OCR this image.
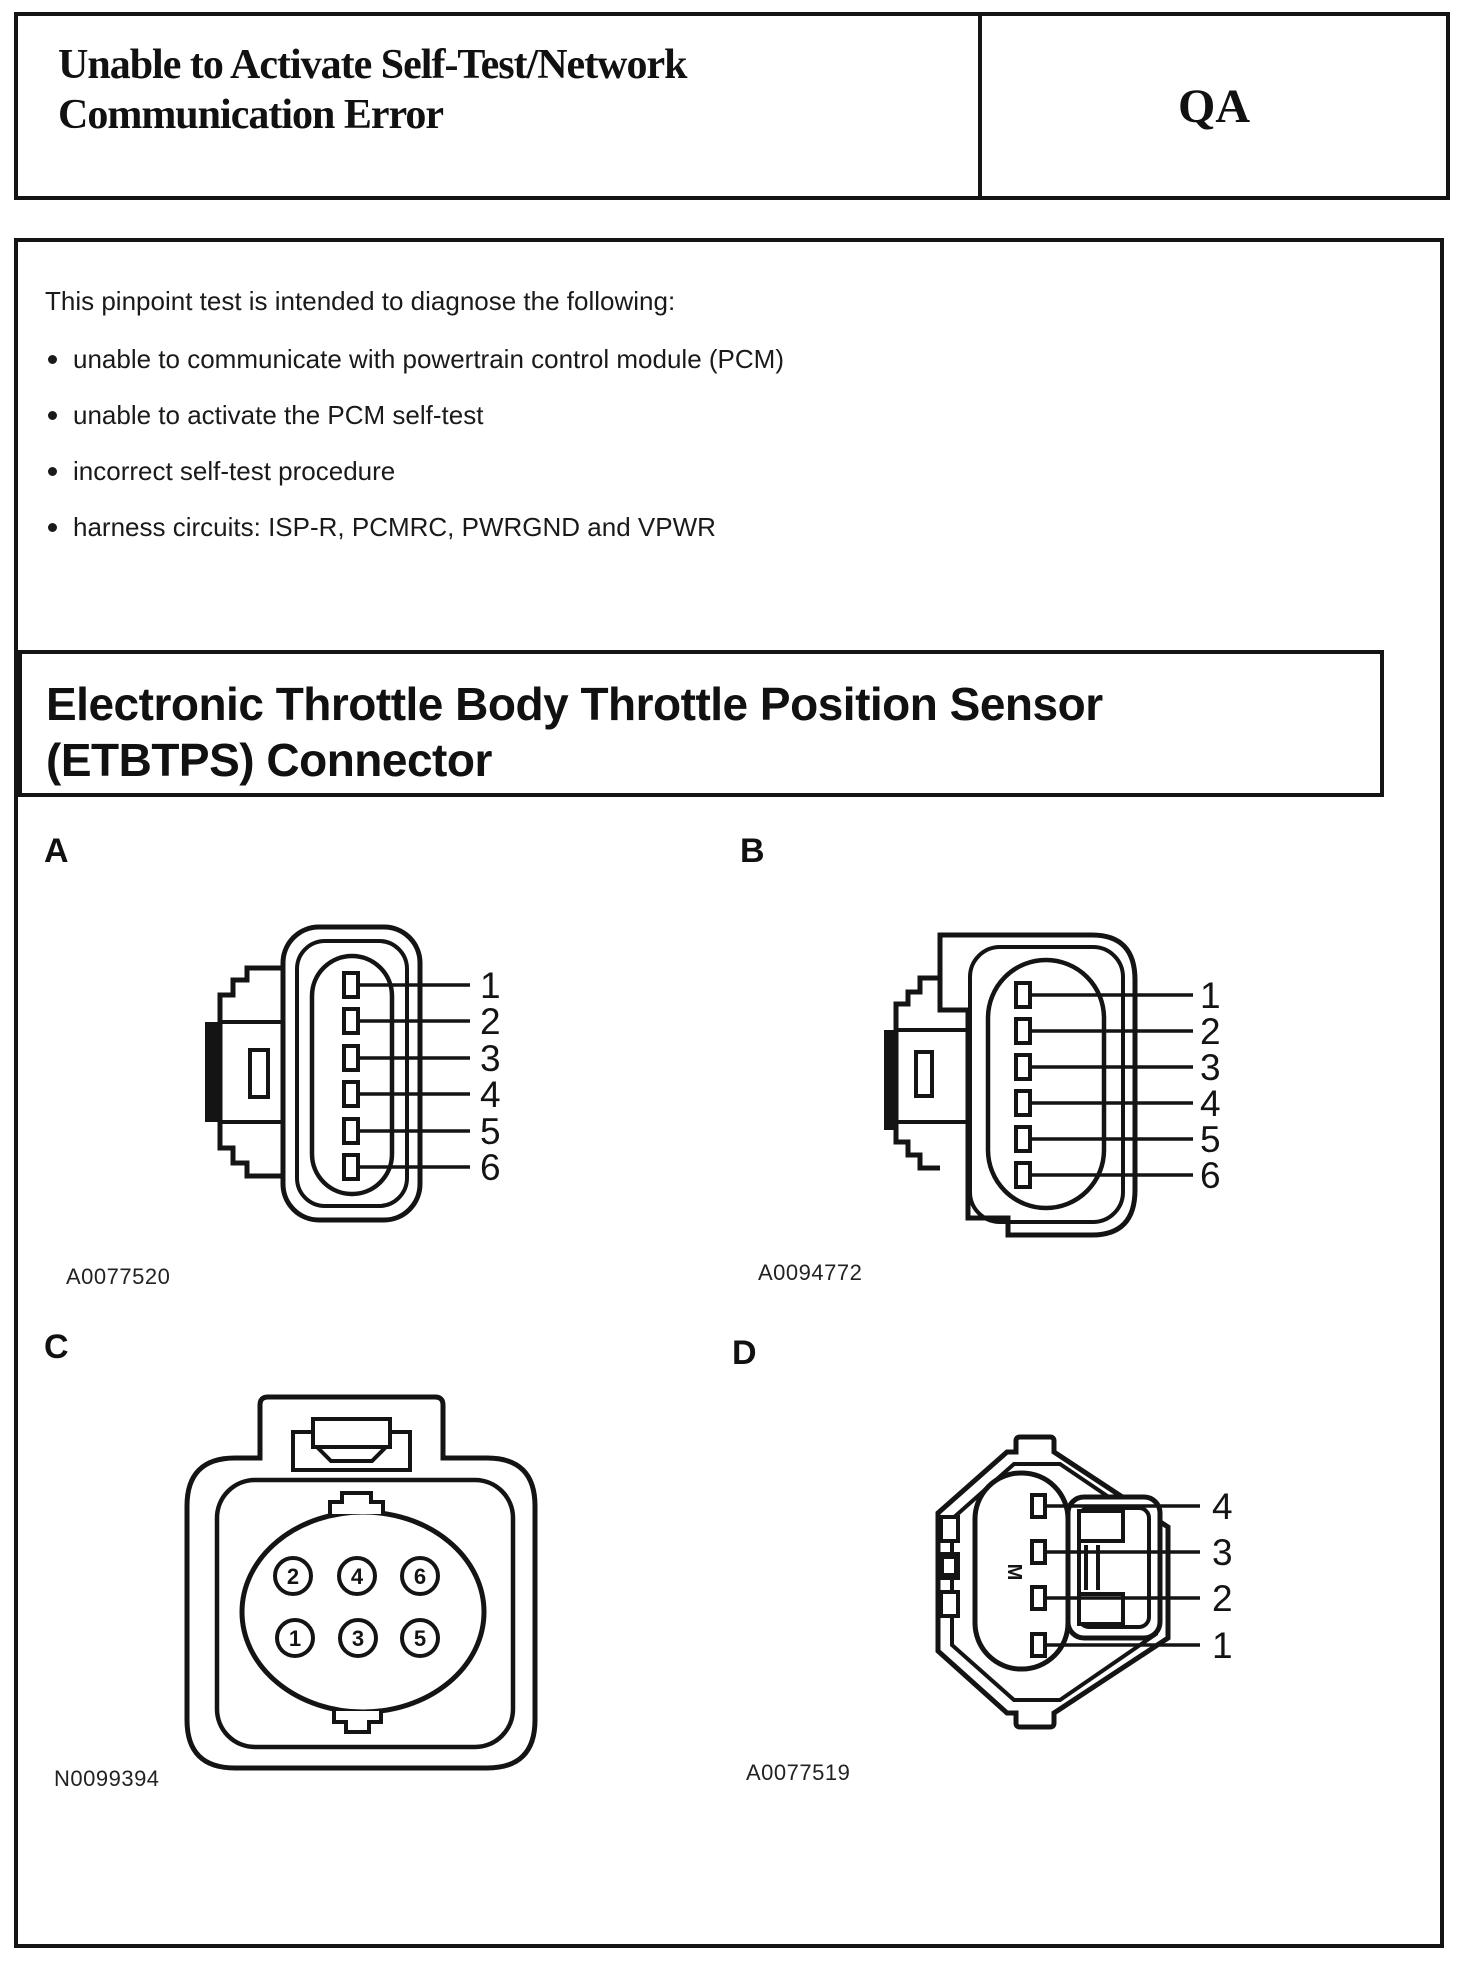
Unable to Activate Self-Test/Network
Communication Error	QA
This pinpoint test is intended to diagnose the following:
unable to communicate with powertrain control module (PCM)
unable to activate the PCM self-test
incorrect self-test procedure
harness circuits: ISP-R, PCMRC, PWRGND and VPWR
Electronic Throttle Body Throttle Position Sensor
(ETBTPS) Connector
A	B
C	D
A0077520	A0094772
N0099394	A0077519
1
2
3
4
5
6
1
2
3
4
5
6
2 4 6
1 3 5
M
4
3
2
1
